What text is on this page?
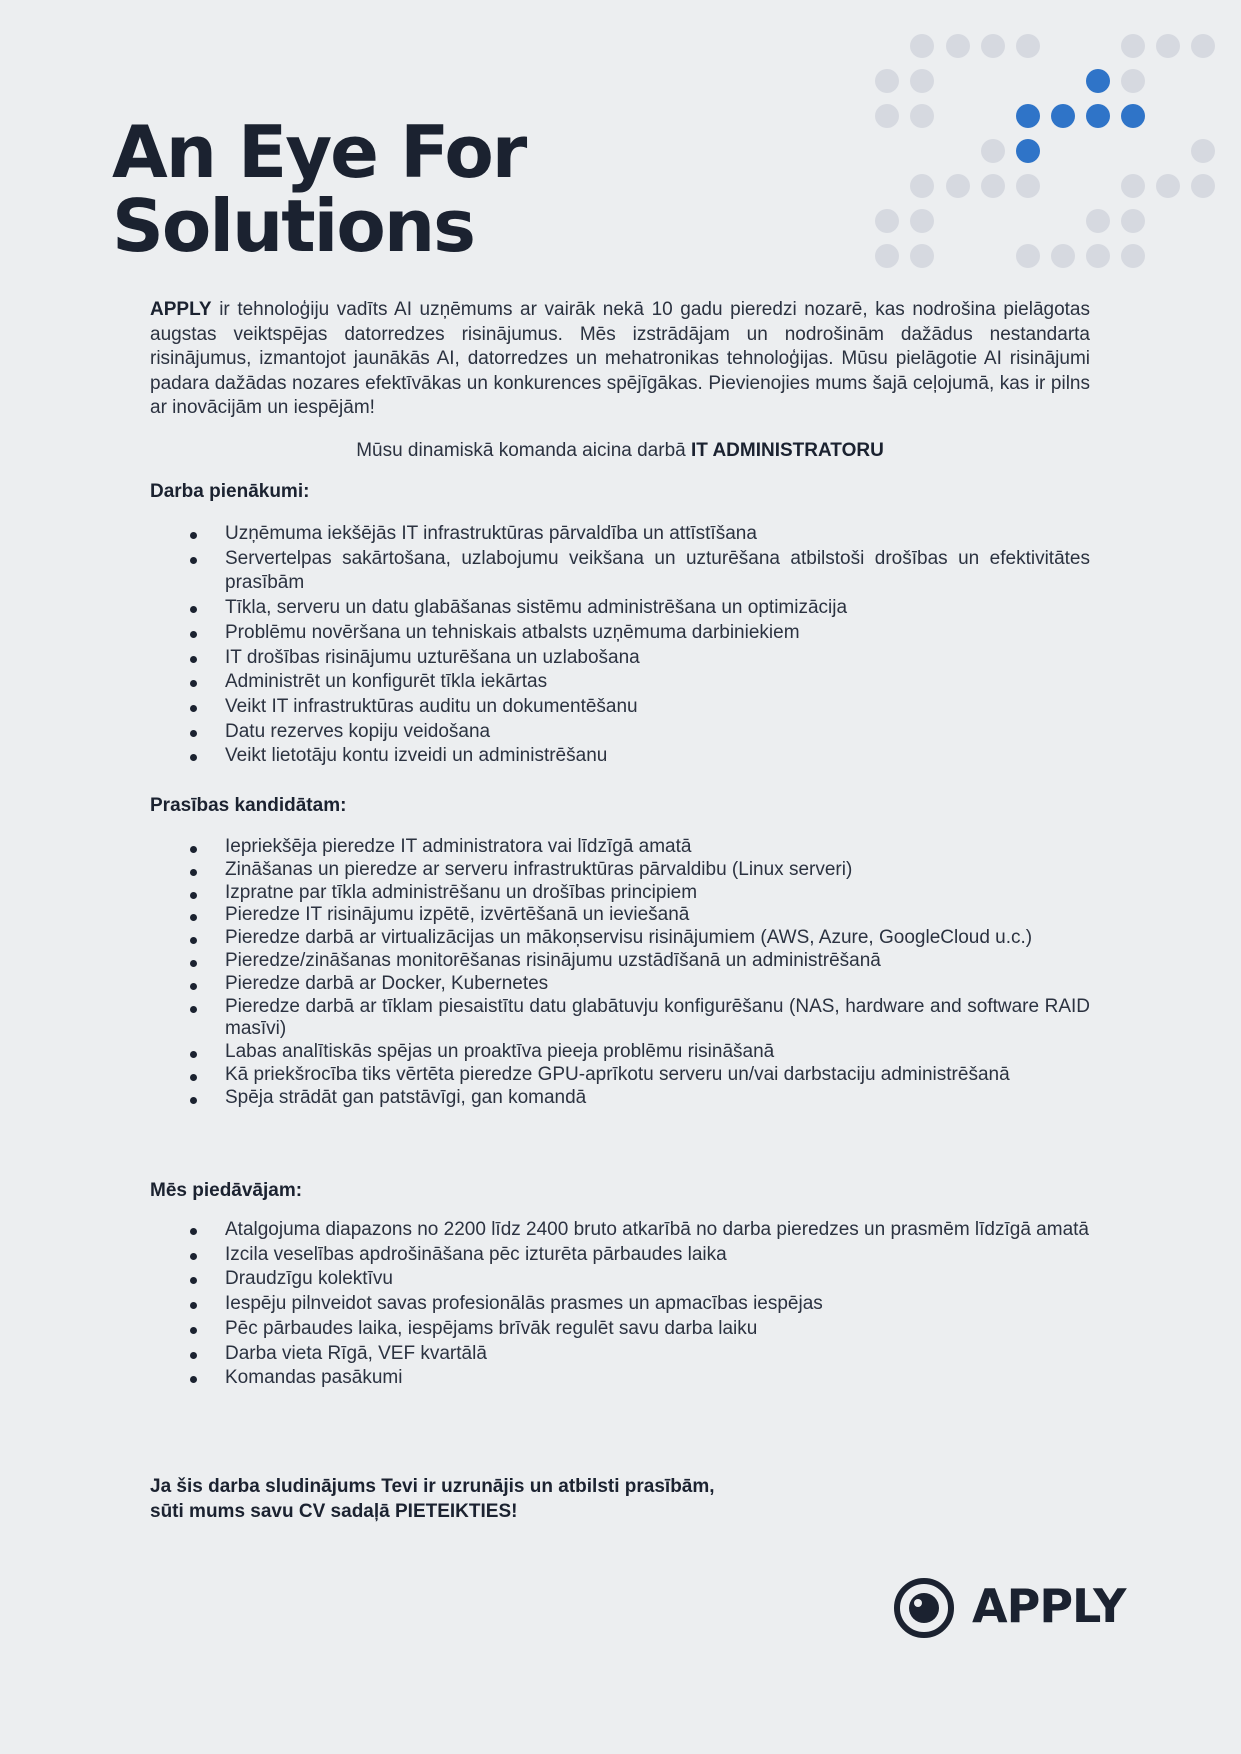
An Eye For
Solutions

APPLY ir tehnoloģiju vadīts AI uzņēmums ar vairāk nekā 10 gadu pieredzi nozarē, kas nodrošina pielāgotas augstas veiktspējas datorredzes risinājumus. Mēs izstrādājam un nodrošinām dažādus nestandarta risinājumus, izmantojot jaunākās AI, datorredzes un mehatronikas tehnoloģijas. Mūsu pielāgotie AI risinājumi padara dažādas nozares efektīvākas un konkurences spējīgākas. Pievienojies mums šajā ceļojumā, kas ir pilns ar inovācijām un iespējām!

Mūsu dinamiskā komanda aicina darbā IT ADMINISTRATORU

Darba pienākumi:
Uzņēmuma iekšējās IT infrastruktūras pārvaldība un attīstīšana
Servertelpas sakārtošana, uzlabojumu veikšana un uzturēšana atbilstoši drošības un efektivitātes prasībām
Tīkla, serveru un datu glabāšanas sistēmu administrēšana un optimizācija
Problēmu novēršana un tehniskais atbalsts uzņēmuma darbiniekiem
IT drošības risinājumu uzturēšana un uzlabošana
Administrēt un konfigurēt tīkla iekārtas
Veikt IT infrastruktūras auditu un dokumentēšanu
Datu rezerves kopiju veidošana
Veikt lietotāju kontu izveidi un administrēšanu
Prasības kandidātam:
Iepriekšēja pieredze IT administratora vai līdzīgā amatā
Zināšanas un pieredze ar serveru infrastruktūras pārvaldibu (Linux serveri)
Izpratne par tīkla administrēšanu un drošības principiem
Pieredze IT risinājumu izpētē, izvērtēšanā un ieviešanā
Pieredze darbā ar virtualizācijas un mākoņservisu risinājumiem (AWS, Azure, GoogleCloud u.c.)
Pieredze/zināšanas monitorēšanas risinājumu uzstādīšanā un administrēšanā
Pieredze darbā ar Docker, Kubernetes
Pieredze darbā ar tīklam piesaistītu datu glabātuvju konfigurēšanu (NAS, hardware and software RAID masīvi)
Labas analītiskās spējas un proaktīva pieeja problēmu risināšanā
Kā priekšrocība tiks vērtēta pieredze GPU-aprīkotu serveru un/vai darbstaciju administrēšanā
Spēja strādāt gan patstāvīgi, gan komandā
Mēs piedāvājam:
Atalgojuma diapazons no 2200 līdz 2400 bruto atkarībā no darba pieredzes un prasmēm līdzīgā amatā
Izcila veselības apdrošināšana pēc izturēta pārbaudes laika
Draudzīgu kolektīvu
Iespēju pilnveidot savas profesionālās prasmes un apmacības iespējas
Pēc pārbaudes laika, iespējams brīvāk regulēt savu darba laiku
Darba vieta Rīgā, VEF kvartālā
Komandas pasākumi

Ja šis darba sludinājums Tevi ir uzrunājis un atbilsti prasībām,
sūti mums savu CV sadaļā PIETEIKTIES!

APPLY
